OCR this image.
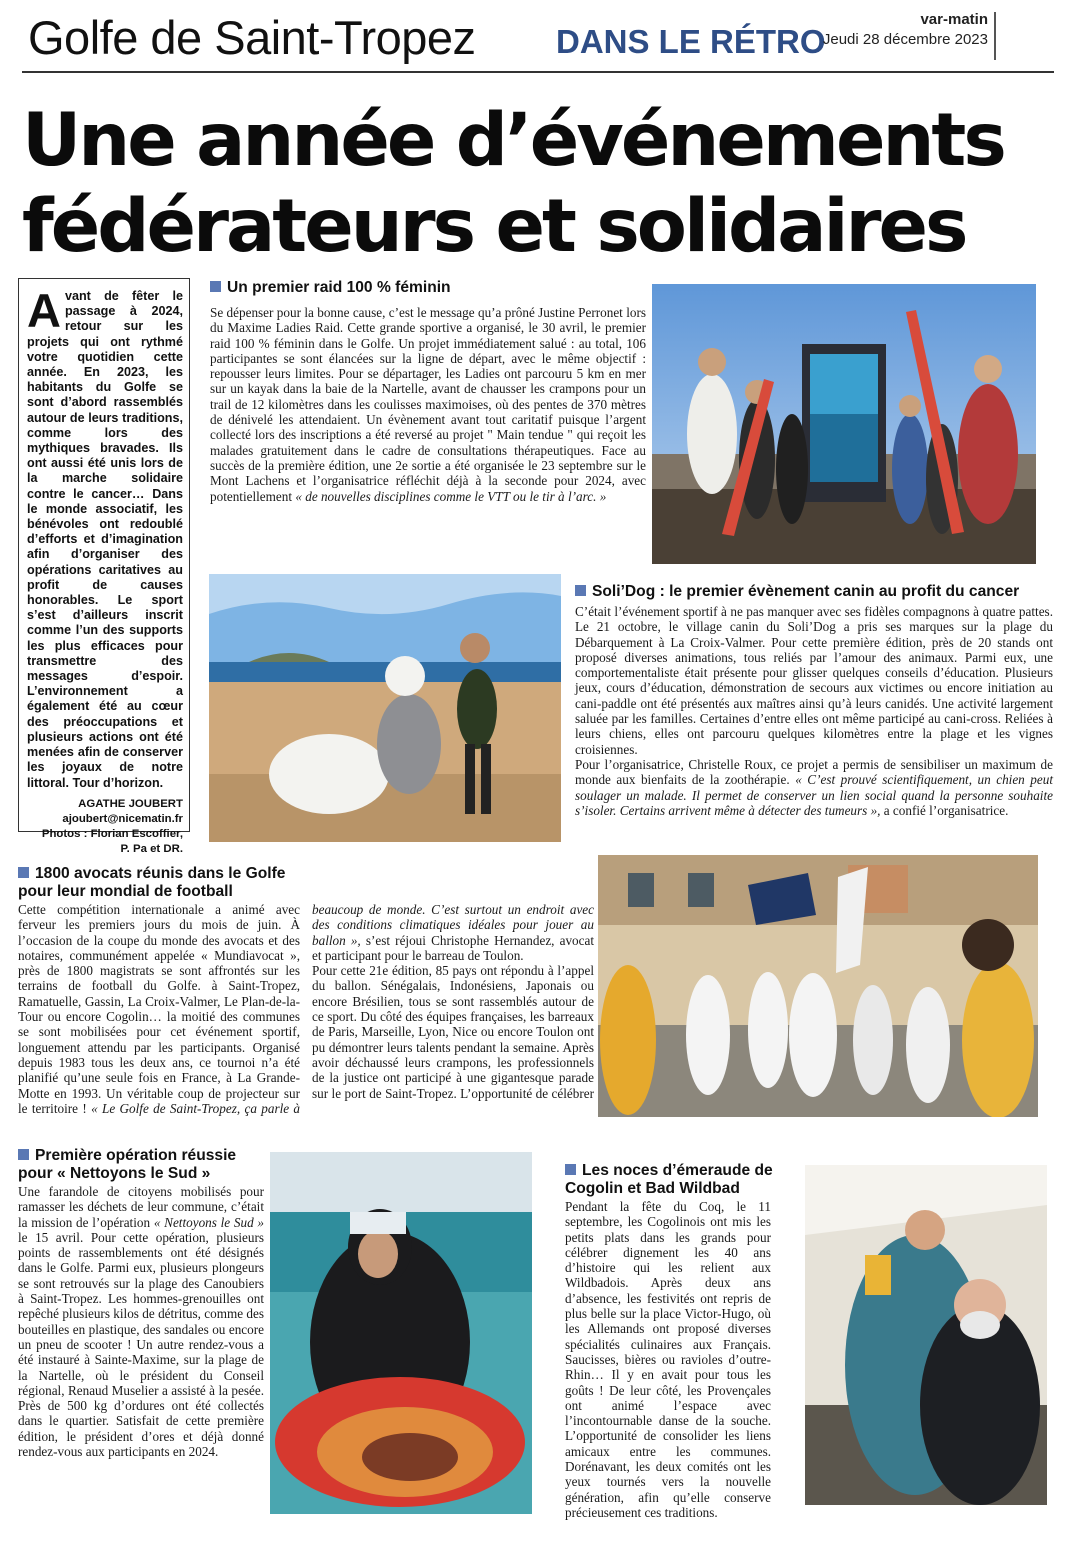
Golfe de Saint-Tropez DANS LE RÉTRO
var-matin
Jeudi 28 décembre 2023
Une année d’événements
fédérateurs et solidaires
A vant de fêter le passage à 2024, retour sur les projets qui ont rythmé votre quotidien cette année. En 2023, les habitants du Golfe se sont d’abord rassemblés autour de leurs traditions, comme lors des mythiques bravades. Ils ont aussi été unis lors de la marche solidaire contre le cancer… Dans le monde associatif, les bénévoles ont redoublé d’efforts et d’imagination afin d’organiser des opérations caritatives au profit de causes honorables. Le sport s’est d’ailleurs inscrit comme l’un des supports les plus efficaces pour transmettre des messages d’espoir. L’environnement a également été au cœur des préoccupations et plusieurs actions ont été menées afin de conserver les joyaux de notre littoral. Tour d’horizon.
AGATHE JOUBERT
ajoubert@nicematin.fr
Photos : Florian Escoffier,
P. Pa et DR.
Un premier raid 100 % féminin
Se dépenser pour la bonne cause, c’est le message qu’a prôné Justine Perronet lors du Maxime Ladies Raid. Cette grande sportive a organisé, le 30 avril, le premier raid 100 % féminin dans le Golfe. Un projet immédiatement salué : au total, 106 participantes se sont élancées sur la ligne de départ, avec le même objectif : repousser leurs limites. Pour se départager, les Ladies ont parcouru 5 km en mer sur un kayak dans la baie de la Nartelle, avant de chausser les crampons pour un trail de 12 kilomètres dans les coulisses maximoises, où des pentes de 370 mètres de dénivelé les attendaient. Un évènement avant tout caritatif puisque l’argent collecté lors des inscriptions a été reversé au projet " Main tendue " qui reçoit les malades gratuitement dans le cadre de consultations thérapeutiques. Face au succès de la première édition, une 2e sortie a été organisée le 23 septembre sur le Mont Lachens et l’organisatrice réfléchit déjà à la seconde pour 2024, avec potentiellement « de nouvelles disciplines comme le VTT ou le tir à l’arc. »
Soli’Dog : le premier évènement canin au profit du cancer

C’était l’événement sportif à ne pas manquer avec ses fidèles compagnons à quatre pattes. Le 21 octobre, le village canin du Soli’Dog a pris ses marques sur la plage du Débarquement à La Croix-Valmer. Pour cette première édition, près de 20 stands ont proposé diverses animations, tous reliés par l’amour des animaux. Parmi eux, une comportementaliste était présente pour glisser quelques conseils d’éducation. Plusieurs jeux, cours d’éducation, démonstration de secours aux victimes ou encore initiation au cani-paddle ont été présentés aux maîtres ainsi qu’à leurs canidés. Une activité largement saluée par les familles. Certaines d’entre elles ont même participé au cani-cross. Reliées à leurs chiens, elles ont parcouru quelques kilomètres entre la plage et les vignes croisiennes.

Pour l’organisatrice, Christelle Roux, ce projet a permis de sensibiliser un maximum de monde aux bienfaits de la zoothérapie. « C’est prouvé scientifiquement, un chien peut soulager un malade. Il permet de conserver un lien social quand la personne souhaite s’isoler. Certains arrivent même à détecter des tumeurs », a confié l’organisatrice.

1800 avocats réunis dans le Golfe pour leur mondial de football
Cette compétition internationale a animé avec ferveur les premiers jours du mois de juin. À l’occasion de la coupe du monde des avocats et des notaires, communément appelée « Mundiavocat », près de 1800 magistrats se sont affrontés sur les terrains de football du Golfe. à Saint-Tropez, Ramatuelle, Gassin, La Croix-Valmer, Le Plan-de-la-Tour ou encore Cogolin… la moitié des communes se sont mobilisées pour cet événement sportif, longuement attendu par les participants. Organisé depuis 1983 tous les deux ans, ce tournoi n’a été planifié qu’une seule fois en France, à La Grande-Motte en 1993. Un véritable coup de projecteur sur le territoire ! « Le Golfe de Saint-Tropez, ça parle à beaucoup de monde. C’est surtout un endroit avec des conditions climatiques idéales pour jouer au ballon », s’est réjoui Christophe Hernandez, avocat et participant pour le barreau de Toulon.

Pour cette 21e édition, 85 pays ont répondu à l’appel du ballon. Sénégalais, Indonésiens, Japonais ou encore Brésilien, tous se sont rassemblés autour de ce sport. Du côté des équipes françaises, les barreaux de Paris, Marseille, Lyon, Nice ou encore Toulon ont pu démontrer leurs talents pendant la semaine. Après avoir déchaussé leurs crampons, les professionnels de la justice ont participé à une gigantesque parade sur le port de Saint-Tropez. L’opportunité de célébrer

Première opération réussie pour « Nettoyons le Sud »
Une farandole de citoyens mobilisés pour ramasser les déchets de leur commune, c’était la mission de l’opération « Nettoyons le Sud » le 15 avril. Pour cette opération, plusieurs points de rassemblements ont été désignés dans le Golfe. Parmi eux, plusieurs plongeurs se sont retrouvés sur la plage des Canoubiers à Saint-Tropez. Les hommes-grenouilles ont repêché plusieurs kilos de détritus, comme des bouteilles en plastique, des sandales ou encore un pneu de scooter ! Un autre rendez-vous a été instauré à Sainte-Maxime, sur la plage de la Nartelle, où le président du Conseil régional, Renaud Muselier a assisté à la pesée. Près de 500 kg d’ordures ont été collectés dans le quartier. Satisfait de cette première édition, le président d’ores et déjà donné rendez-vous aux participants en 2024.
Les noces d’émeraude de Cogolin et Bad Wildbad
Pendant la fête du Coq, le 11 septembre, les Cogolinois ont mis les petits plats dans les grands pour célébrer dignement les 40 ans d’histoire qui les relient aux Wildbadois. Après deux ans d’absence, les festivités ont repris de plus belle sur la place Victor-Hugo, où les Allemands ont proposé diverses spécialités culinaires aux Français. Saucisses, bières ou ravioles d’outre-Rhin… Il y en avait pour tous les goûts ! De leur côté, les Provençales ont animé l’espace avec l’incontournable danse de la souche. L’opportunité de consolider les liens amicaux entre les communes. Dorénavant, les deux comités ont les yeux tournés vers la nouvelle génération, afin qu’elle conserve précieusement ces traditions.
